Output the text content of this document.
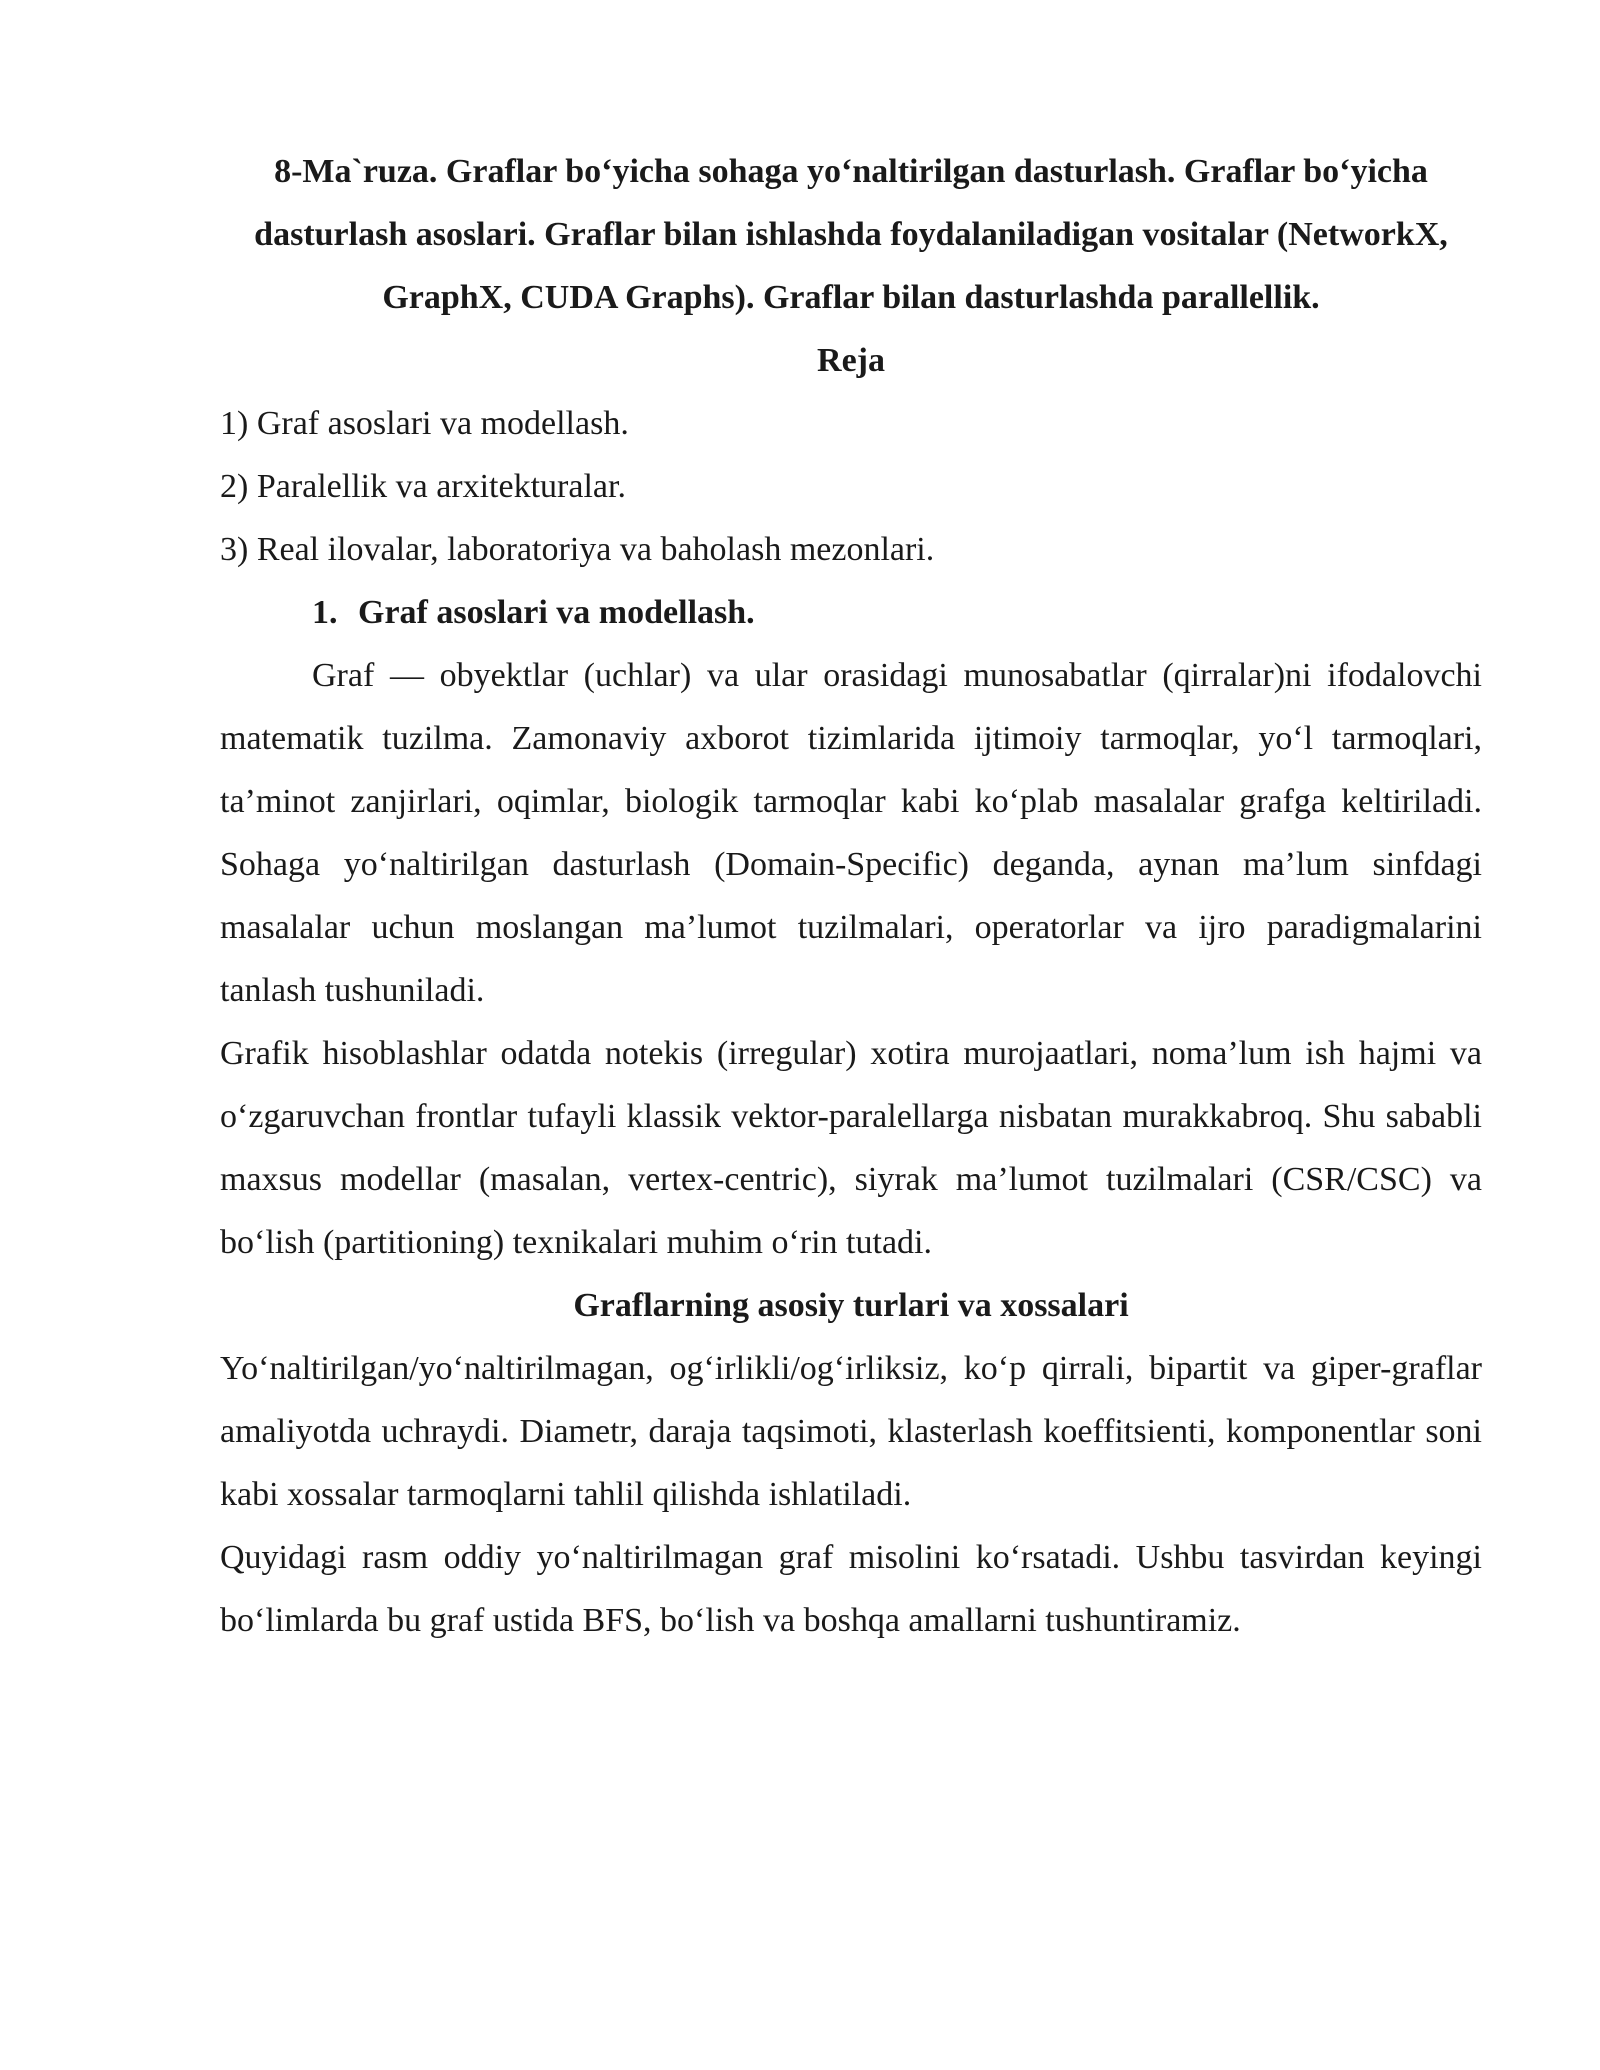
8-Ma`ruza. Graflar bo‘yicha sohaga yo‘naltirilgan dasturlash. Graflar bo‘yicha dasturlash asoslari. Graflar bilan ishlashda foydalaniladigan vositalar (NetworkX, GraphX, CUDA Graphs). Graflar bilan dasturlashda parallellik.

Reja

1) Graf asoslari va modellash.

2) Paralellik va arxitekturalar.

3) Real ilovalar, laboratoriya va baholash mezonlari.

1. Graf asoslari va modellash.

Graf — obyektlar (uchlar) va ular orasidagi munosabatlar (qirralar)ni ifodalovchi matematik tuzilma. Zamonaviy axborot tizimlarida ijtimoiy tarmoqlar, yo‘l tarmoqlari, ta’minot zanjirlari, oqimlar, biologik tarmoqlar kabi ko‘plab masalalar grafga keltiriladi. Sohaga yo‘naltirilgan dasturlash (Domain-Specific) deganda, aynan ma’lum sinfdagi masalalar uchun moslangan ma’lumot tuzilmalari, operatorlar va ijro paradigmalarini tanlash tushuniladi.

Grafik hisoblashlar odatda notekis (irregular) xotira murojaatlari, noma’lum ish hajmi va o‘zgaruvchan frontlar tufayli klassik vektor-paralellarga nisbatan murakkabroq. Shu sababli maxsus modellar (masalan, vertex-centric), siyrak ma’lumot tuzilmalari (CSR/CSC) va bo‘lish (partitioning) texnikalari muhim o‘rin tutadi.

Graflarning asosiy turlari va xossalari

Yo‘naltirilgan/yo‘naltirilmagan, og‘irlikli/og‘irliksiz, ko‘p qirrali, bipartit va giper-graflar amaliyotda uchraydi. Diametr, daraja taqsimoti, klasterlash koeffitsienti, komponentlar soni kabi xossalar tarmoqlarni tahlil qilishda ishlatiladi.

Quyidagi rasm oddiy yo‘naltirilmagan graf misolini ko‘rsatadi. Ushbu tasvirdan keyingi bo‘limlarda bu graf ustida BFS, bo‘lish va boshqa amallarni tushuntiramiz.
